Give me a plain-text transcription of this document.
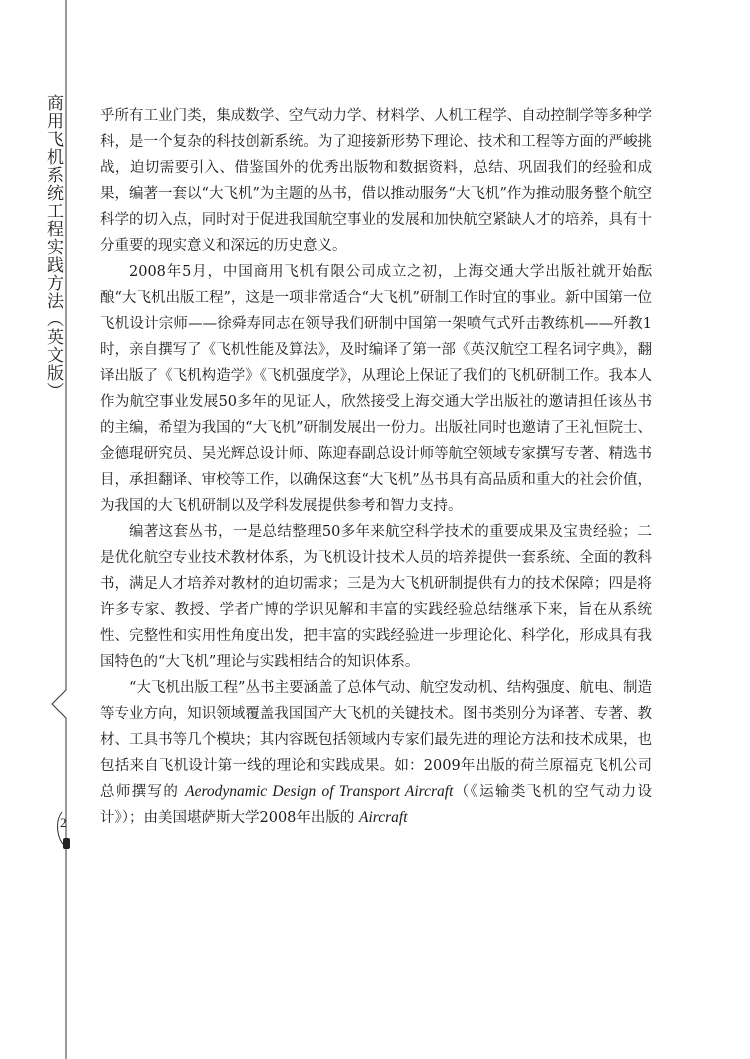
商用飞机系统工程实践方法（英文版）
2

乎所有工业门类，集成数学、空气动力学、材料学、人机工程学、自动控制学等多种学科，是一个复杂的科技创新系统。为了迎接新形势下理论、技术和工程等方面的严峻挑战，迫切需要引入、借鉴国外的优秀出版物和数据资料，总结、巩固我们的经验和成果，编著一套以“大飞机”为主题的丛书，借以推动服务“大飞机”作为推动服务整个航空科学的切入点，同时对于促进我国航空事业的发展和加快航空紧缺人才的培养，具有十分重要的现实意义和深远的历史意义。

2008年5月，中国商用飞机有限公司成立之初，上海交通大学出版社就开始酝酿“大飞机出版工程”，这是一项非常适合“大飞机”研制工作时宜的事业。新中国第一位飞机设计宗师——徐舜寿同志在领导我们研制中国第一架喷气式歼击教练机——歼教1时，亲自撰写了《飞机性能及算法》，及时编译了第一部《英汉航空工程名词字典》，翻译出版了《飞机构造学》《飞机强度学》，从理论上保证了我们的飞机研制工作。我本人作为航空事业发展50多年的见证人，欣然接受上海交通大学出版社的邀请担任该丛书的主编，希望为我国的“大飞机”研制发展出一份力。出版社同时也邀请了王礼恒院士、金德琨研究员、吴光辉总设计师、陈迎春副总设计师等航空领域专家撰写专著、精选书目，承担翻译、审校等工作，以确保这套“大飞机”丛书具有高品质和重大的社会价值，为我国的大飞机研制以及学科发展提供参考和智力支持。

编著这套丛书，一是总结整理50多年来航空科学技术的重要成果及宝贵经验；二是优化航空专业技术教材体系，为飞机设计技术人员的培养提供一套系统、全面的教科书，满足人才培养对教材的迫切需求；三是为大飞机研制提供有力的技术保障；四是将许多专家、教授、学者广博的学识见解和丰富的实践经验总结继承下来，旨在从系统性、完整性和实用性角度出发，把丰富的实践经验进一步理论化、科学化，形成具有我国特色的“大飞机”理论与实践相结合的知识体系。

“大飞机出版工程”丛书主要涵盖了总体气动、航空发动机、结构强度、航电、制造等专业方向，知识领域覆盖我国国产大飞机的关键技术。图书类别分为译著、专著、教材、工具书等几个模块；其内容既包括领域内专家们最先进的理论方法和技术成果，也包括来自飞机设计第一线的理论和实践成果。如：2009年出版的荷兰原福克飞机公司总师撰写的 Aerodynamic Design of Transport Aircraft（《运输类飞机的空气动力设计》）；由美国堪萨斯大学2008年出版的 Aircraft
